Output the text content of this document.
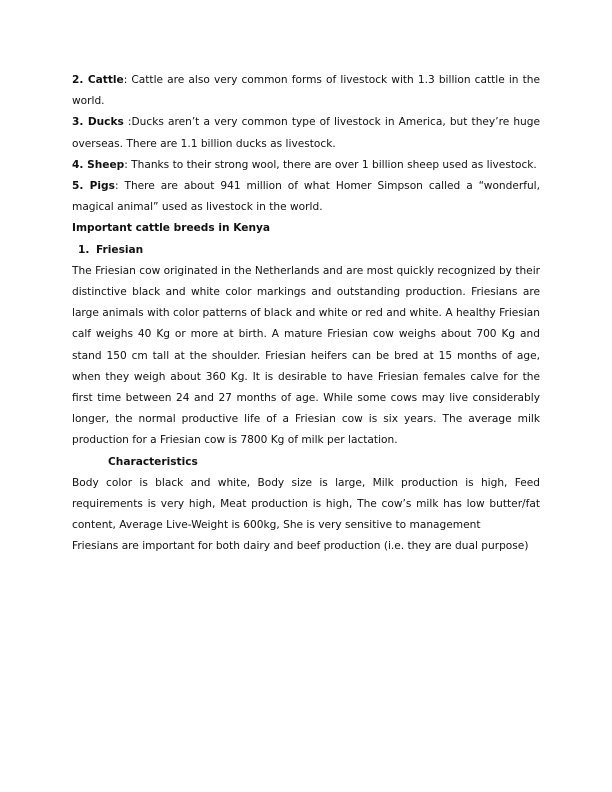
2. Cattle: Cattle are also very common forms of livestock with 1.3 billion cattle in the world.

3. Ducks :Ducks aren’t a very common type of livestock in America, but they’re huge overseas. There are 1.1 billion ducks as livestock.

4. Sheep: Thanks to their strong wool, there are over 1 billion sheep used as livestock.

5. Pigs: There are about 941 million of what Homer Simpson called a “wonderful, magical animal” used as livestock in the world.

Important cattle breeds in Kenya

1. Friesian

The Friesian cow originated in the Netherlands and are most quickly recognized by their distinctive black and white color markings and outstanding production. Friesians are large animals with color patterns of black and white or red and white. A healthy Friesian calf weighs 40 Kg or more at birth. A mature Friesian cow weighs about 700 Kg and stand 150 cm tall at the shoulder. Friesian heifers can be bred at 15 months of age, when they weigh about 360 Kg. It is desirable to have Friesian females calve for the first time between 24 and 27 months of age. While some cows may live considerably longer, the normal productive life of a Friesian cow is six years. The average milk production for a Friesian cow is 7800 Kg of milk per lactation.

Characteristics

Body color is black and white, Body size is large, Milk production is high, Feed requirements is very high, Meat production is high, The cow’s milk has low butter/fat content, Average Live-Weight is 600kg, She is very sensitive to management

Friesians are important for both dairy and beef production (i.e. they are dual purpose)
